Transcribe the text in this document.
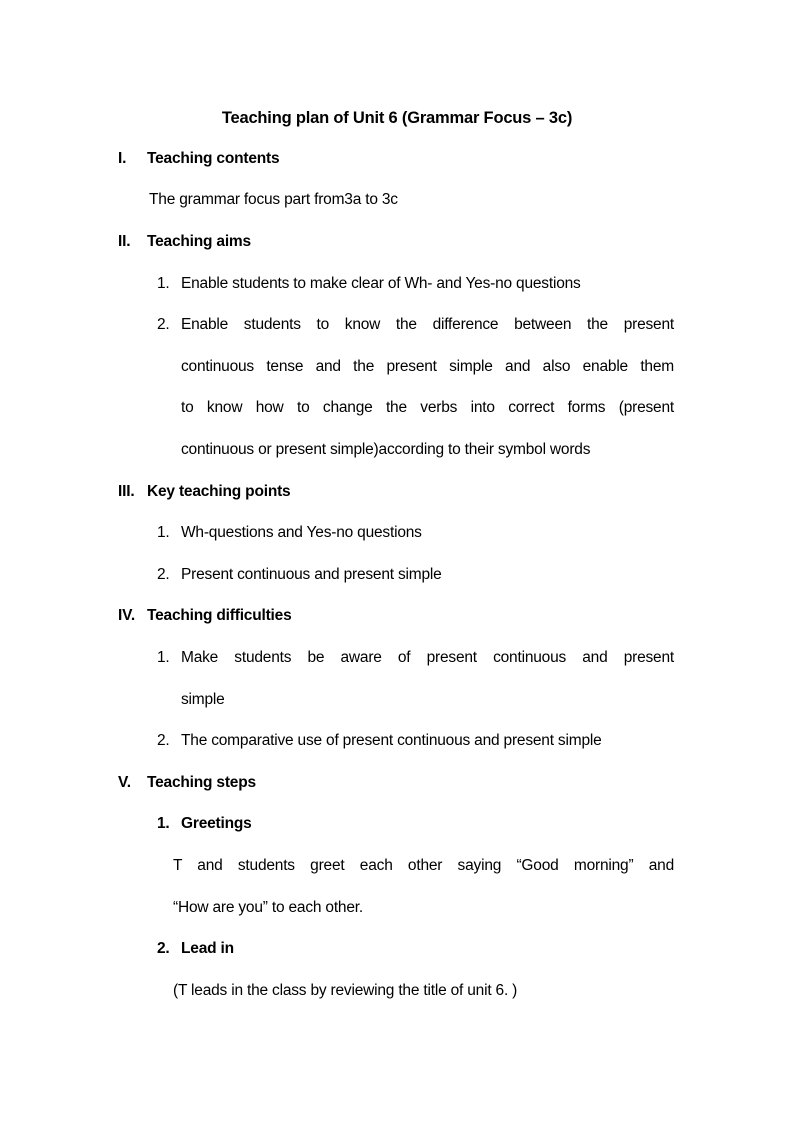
Teaching plan of Unit 6 (Grammar Focus – 3c)
I. Teaching contents
The grammar focus part from3a to 3c
II. Teaching aims
1. Enable students to make clear of Wh- and Yes-no questions
2. Enable students to know the difference between the present
continuous tense and the present simple and also enable them
to know how to change the verbs into correct forms (present
continuous or present simple)according to their symbol words
III. Key teaching points
1. Wh-questions and Yes-no questions
2. Present continuous and present simple
IV. Teaching difficulties
1. Make students be aware of present continuous and present
simple
2. The comparative use of present continuous and present simple
V. Teaching steps
1. Greetings
T and students greet each other saying “Good morning” and
“How are you” to each other.
2. Lead in
(T leads in the class by reviewing the title of unit 6. )
